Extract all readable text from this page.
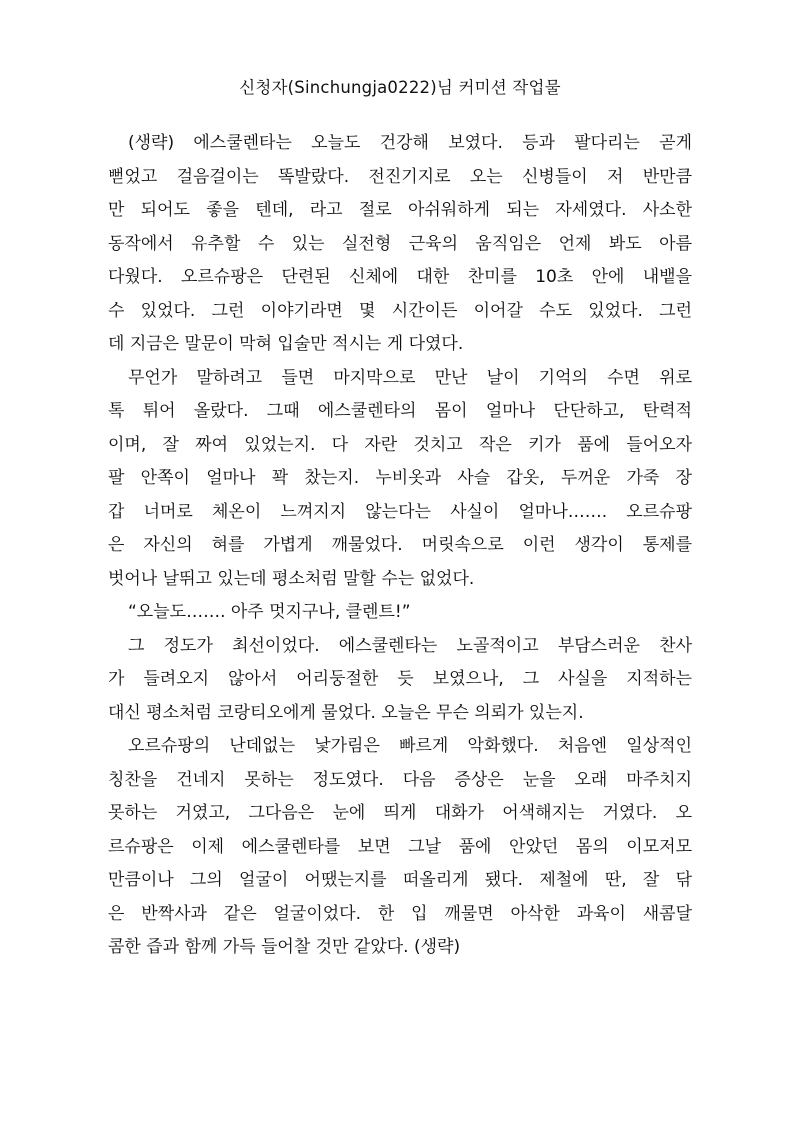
신청자(Sinchungja0222)님 커미션 작업물
(생략) 에스쿨렌타는 오늘도 건강해 보였다. 등과 팔다리는 곧게
뻗었고 걸음걸이는 똑발랐다. 전진기지로 오는 신병들이 저 반만큼
만 되어도 좋을 텐데, 라고 절로 아쉬워하게 되는 자세였다. 사소한
동작에서 유추할 수 있는 실전형 근육의 움직임은 언제 봐도 아름
다웠다. 오르슈팡은 단련된 신체에 대한 찬미를 10초 안에 내뱉을
수 있었다. 그런 이야기라면 몇 시간이든 이어갈 수도 있었다. 그런
데 지금은 말문이 막혀 입술만 적시는 게 다였다.
무언가 말하려고 들면 마지막으로 만난 날이 기억의 수면 위로
톡 튀어 올랐다. 그때 에스쿨렌타의 몸이 얼마나 단단하고, 탄력적
이며, 잘 짜여 있었는지. 다 자란 것치고 작은 키가 품에 들어오자
팔 안쪽이 얼마나 꽉 찼는지. 누비옷과 사슬 갑옷, 두꺼운 가죽 장
갑 너머로 체온이 느껴지지 않는다는 사실이 얼마나……. 오르슈팡
은 자신의 혀를 가볍게 깨물었다. 머릿속으로 이런 생각이 통제를
벗어나 날뛰고 있는데 평소처럼 말할 수는 없었다.
“오늘도……. 아주 멋지구나, 클렌트!”
그 정도가 최선이었다. 에스쿨렌타는 노골적이고 부담스러운 찬사
가 들려오지 않아서 어리둥절한 듯 보였으나, 그 사실을 지적하는
대신 평소처럼 코랑티오에게 물었다. 오늘은 무슨 의뢰가 있는지.
오르슈팡의 난데없는 낯가림은 빠르게 악화했다. 처음엔 일상적인
칭찬을 건네지 못하는 정도였다. 다음 증상은 눈을 오래 마주치지
못하는 거였고, 그다음은 눈에 띄게 대화가 어색해지는 거였다. 오
르슈팡은 이제 에스쿨렌타를 보면 그날 품에 안았던 몸의 이모저모
만큼이나 그의 얼굴이 어땠는지를 떠올리게 됐다. 제철에 딴, 잘 닦
은 반짝사과 같은 얼굴이었다. 한 입 깨물면 아삭한 과육이 새콤달
콤한 즙과 함께 가득 들어찰 것만 같았다. (생략)
